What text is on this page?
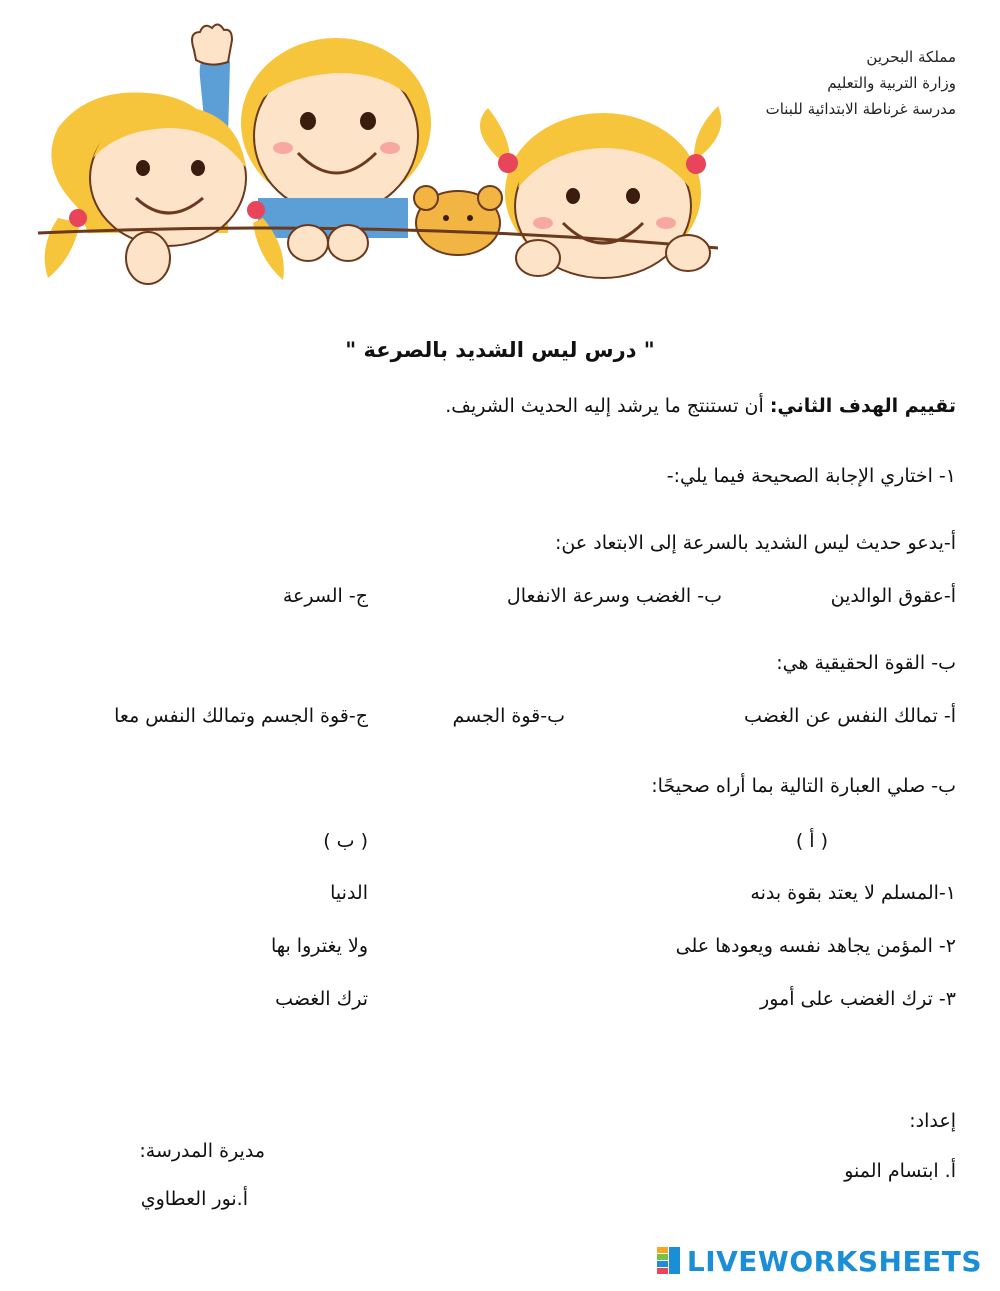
مملكة البحرين
وزارة التربية والتعليم
مدرسة غرناطة الابتدائية للبنات
" درس ليس الشديد بالصرعة "
تقييم الهدف الثاني: أن تستنتج ما يرشد إليه الحديث الشريف.
١- اختاري الإجابة الصحيحة فيما يلي:-
أ-يدعو حديث ليس الشديد بالسرعة إلى الابتعاد عن:
أ-عقوق الوالدين
ب- الغضب وسرعة الانفعال
ج- السرعة
ب- القوة الحقيقية هي:
أ- تمالك النفس عن الغضب
ب-قوة الجسم
ج-قوة الجسم وتمالك النفس معا
ب- صلي العبارة التالية بما أراه صحيحًا:
( أ )
( ب )
١-المسلم لا يعتد بقوة بدنه
٢- المؤمن يجاهد نفسه ويعودها على
٣- ترك الغضب على أمور
الدنيا
ولا يغتروا بها
ترك الغضب
إعداد:
أ. ابتسام المنو
مديرة المدرسة:
أ.نور العطاوي
LIVEWORKSHEETS
